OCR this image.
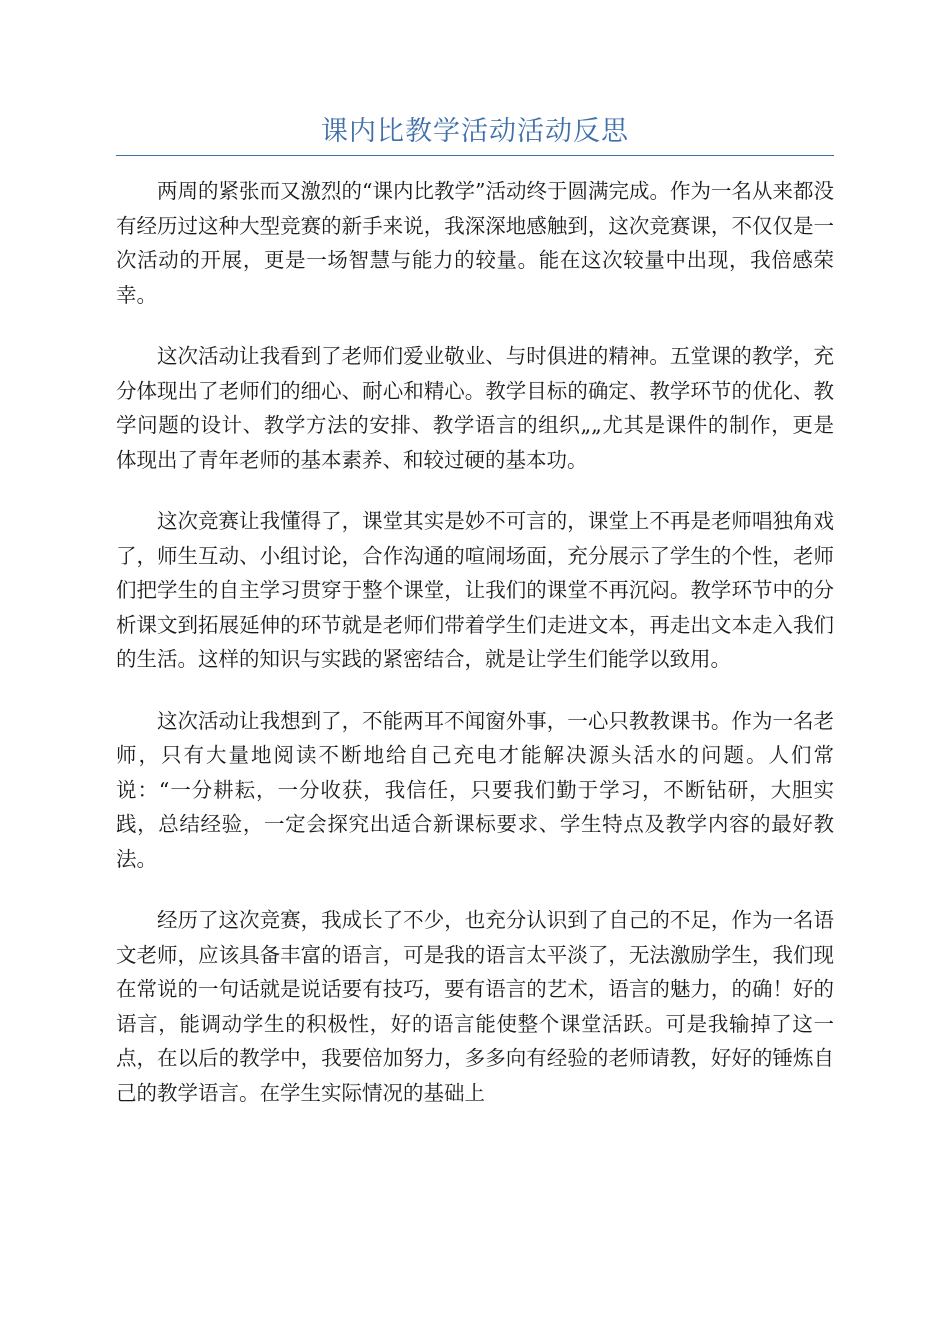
课内比教学活动活动反思

两周的紧张而又激烈的“课内比教学”活动终于圆满完成。作为一名从来都没有经历过这种大型竞赛的新手来说，我深深地感触到，这次竞赛课，不仅仅是一次活动的开展，更是一场智慧与能力的较量。能在这次较量中出现，我倍感荣幸。

这次活动让我看到了老师们爱业敬业、与时俱进的精神。五堂课的教学，充分体现出了老师们的细心、耐心和精心。教学目标的确定、教学环节的优化、教学问题的设计、教学方法的安排、教学语言的组织„„尤其是课件的制作，更是体现出了青年老师的基本素养、和较过硬的基本功。

这次竞赛让我懂得了，课堂其实是妙不可言的，课堂上不再是老师唱独角戏了，师生互动、小组讨论，合作沟通的喧闹场面，充分展示了学生的个性，老师们把学生的自主学习贯穿于整个课堂，让我们的课堂不再沉闷。教学环节中的分析课文到拓展延伸的环节就是老师们带着学生们走进文本，再走出文本走入我们的生活。这样的知识与实践的紧密结合，就是让学生们能学以致用。

这次活动让我想到了，不能两耳不闻窗外事，一心只教教课书。作为一名老师，只有大量地阅读不断地给自己充电才能解决源头活水的问题。人们常说：“一分耕耘，一分收获，我信任，只要我们勤于学习，不断钻研，大胆实践，总结经验，一定会探究出适合新课标要求、学生特点及教学内容的最好教法。

经历了这次竞赛，我成长了不少，也充分认识到了自己的不足，作为一名语文老师，应该具备丰富的语言，可是我的语言太平淡了，无法激励学生，我们现在常说的一句话就是说话要有技巧，要有语言的艺术，语言的魅力，的确！好的语言，能调动学生的积极性，好的语言能使整个课堂活跃。可是我输掉了这一点，在以后的教学中，我要倍加努力，多多向有经验的老师请教，好好的锤炼自己的教学语言。在学生实际情况的基础上
